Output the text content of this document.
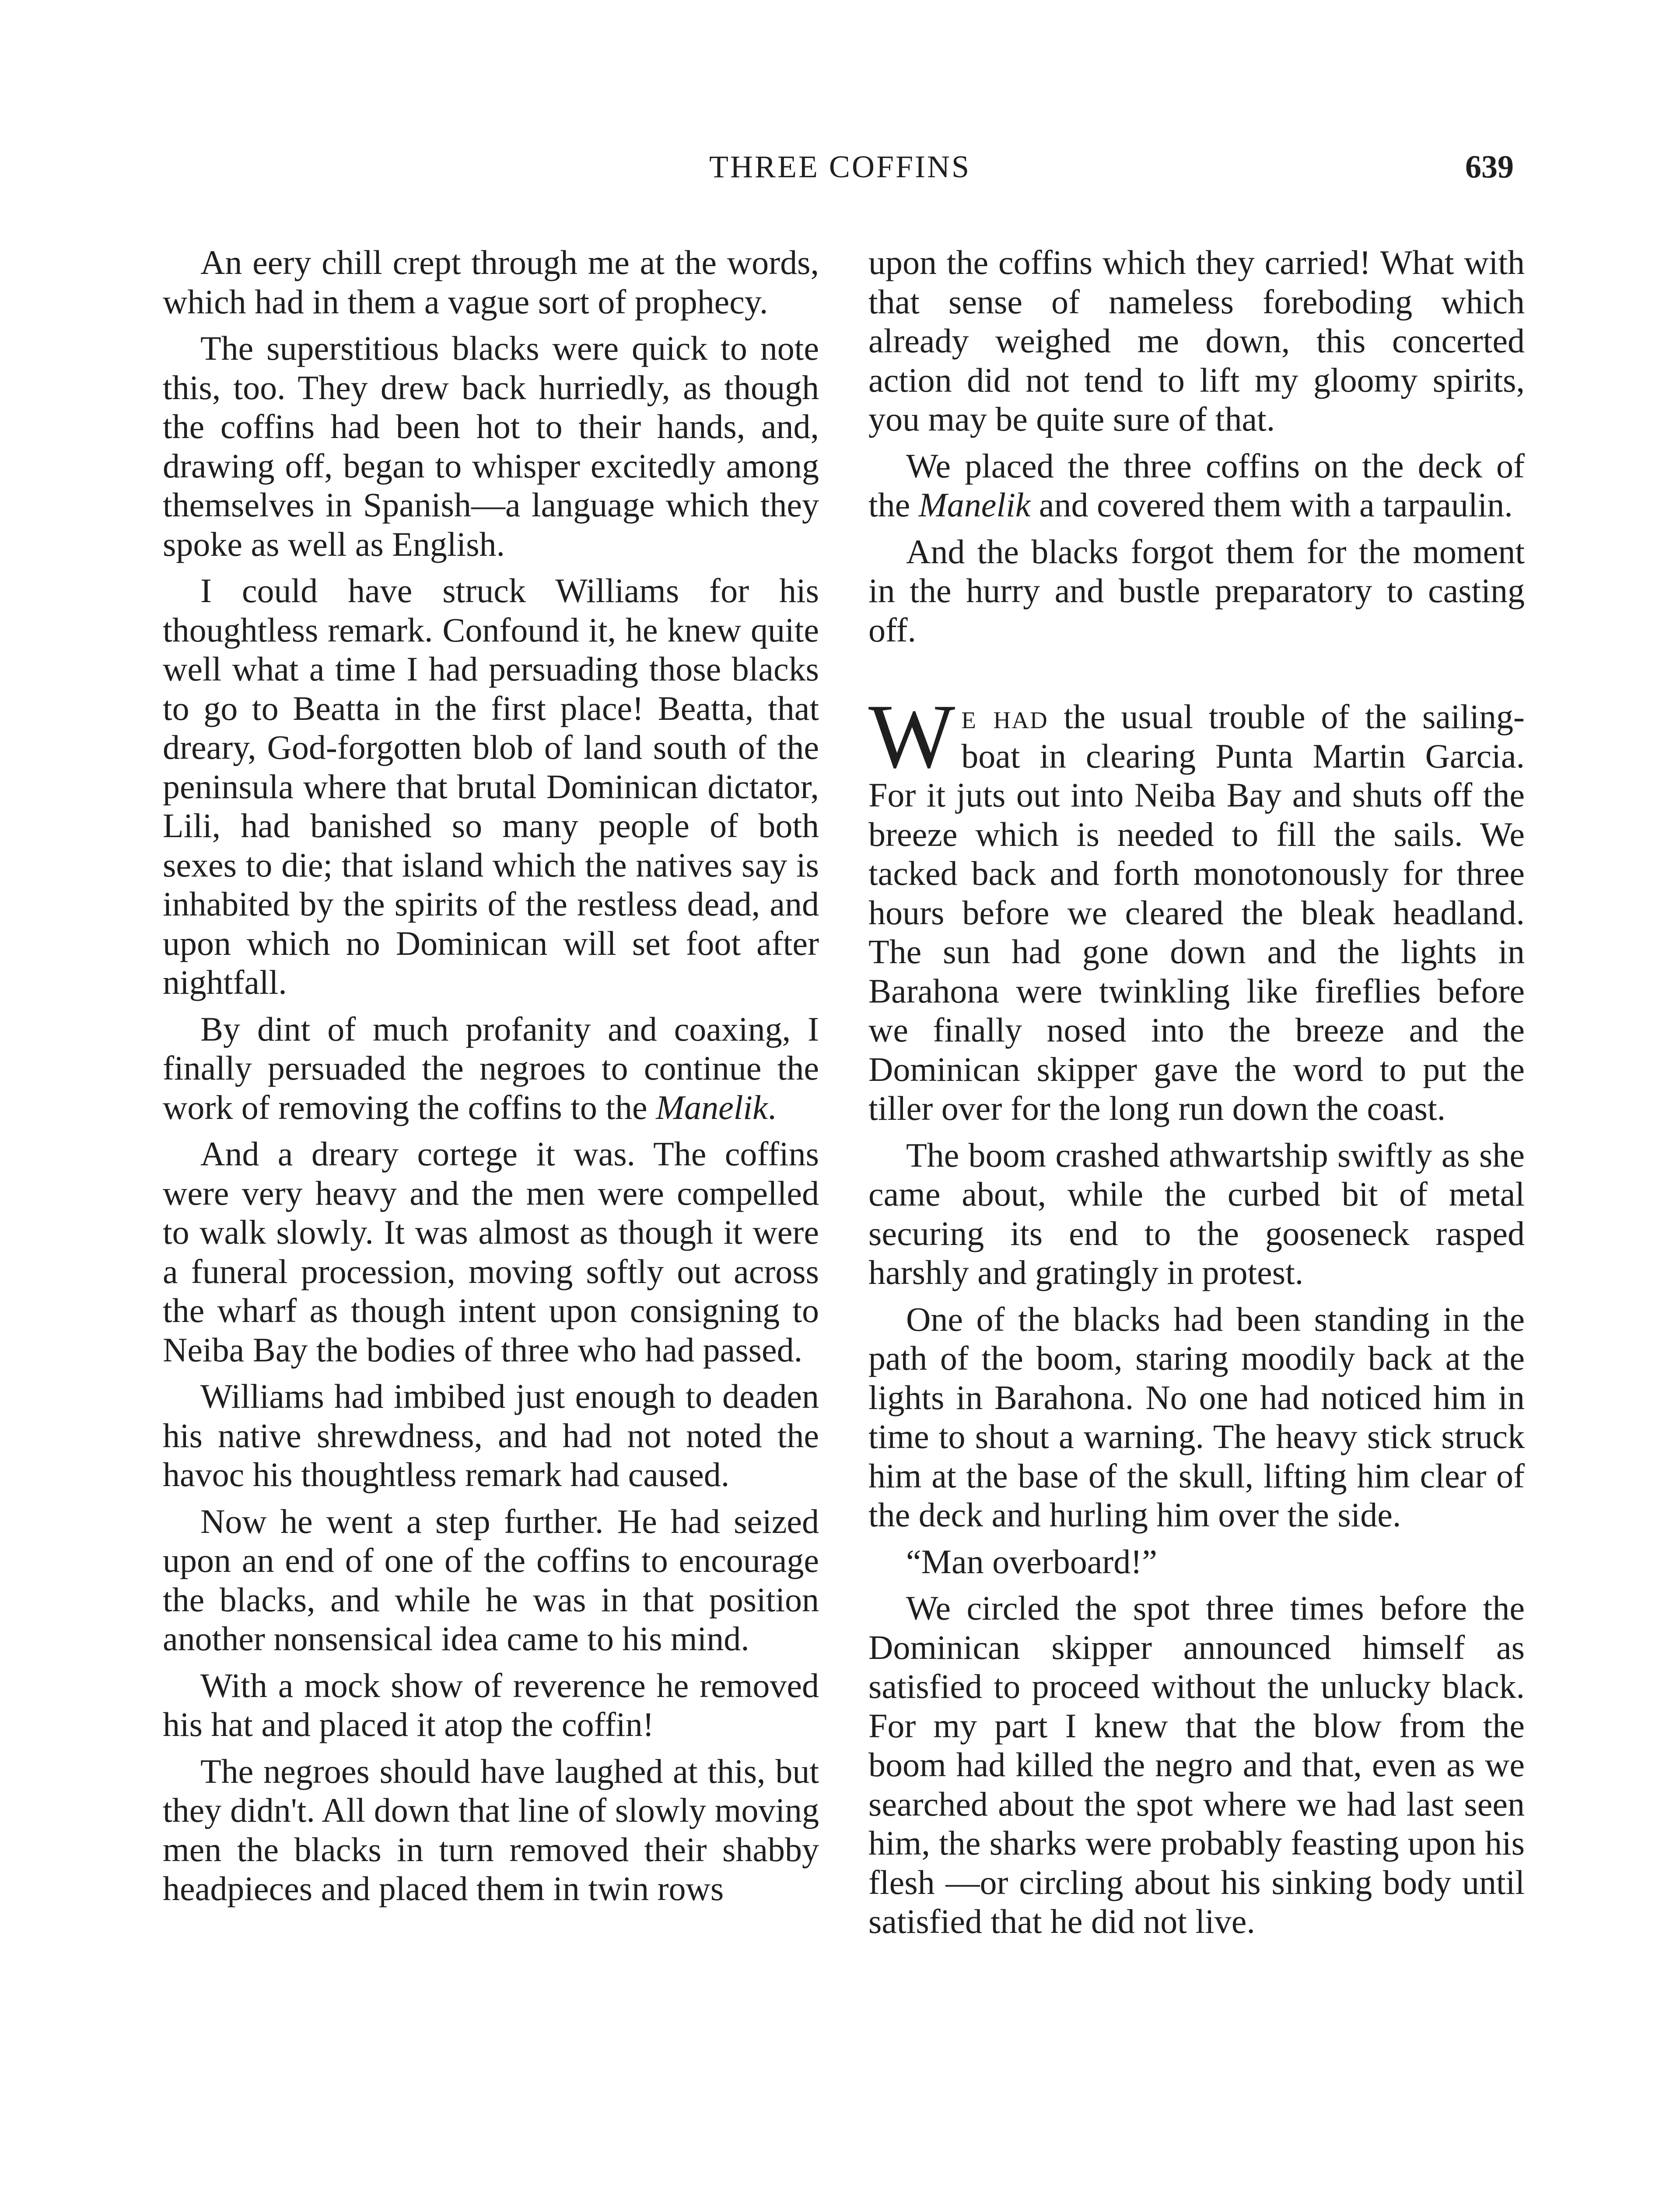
THREE COFFINS	639

An eery chill crept through me at the words, which had in them a vague sort of prophecy.

The superstitious blacks were quick to note this, too. They drew back hurriedly, as though the coffins had been hot to their hands, and, drawing off, began to whisper excitedly among themselves in Spanish—a language which they spoke as well as English.

I could have struck Williams for his thoughtless remark. Confound it, he knew quite well what a time I had persuading those blacks to go to Beatta in the first place! Beatta, that dreary, God-forgotten blob of land south of the peninsula where that brutal Dominican dictator, Lili, had banished so many people of both sexes to die; that island which the natives say is inhabited by the spirits of the restless dead, and upon which no Dominican will set foot after nightfall.

By dint of much profanity and coaxing, I finally persuaded the negroes to continue the work of removing the coffins to the Manelik.

And a dreary cortege it was. The coffins were very heavy and the men were compelled to walk slowly. It was almost as though it were a funeral procession, moving softly out across the wharf as though intent upon consigning to Neiba Bay the bodies of three who had passed.

Williams had imbibed just enough to deaden his native shrewdness, and had not noted the havoc his thoughtless remark had caused.

Now he went a step further. He had seized upon an end of one of the coffins to encourage the blacks, and while he was in that position another nonsensical idea came to his mind.

With a mock show of reverence he removed his hat and placed it atop the coffin!

The negroes should have laughed at this, but they didn't. All down that line of slowly moving men the blacks in turn removed their shabby headpieces and placed them in twin rows

upon the coffins which they carried! What with that sense of nameless foreboding which already weighed me down, this concerted action did not tend to lift my gloomy spirits, you may be quite sure of that.

We placed the three coffins on the deck of the Manelik and covered them with a tarpaulin.

And the blacks forgot them for the moment in the hurry and bustle preparatory to casting off.

We had the usual trouble of the sailing-boat in clearing Punta Martin Garcia. For it juts out into Neiba Bay and shuts off the breeze which is needed to fill the sails. We tacked back and forth monotonously for three hours before we cleared the bleak headland. The sun had gone down and the lights in Barahona were twinkling like fireflies before we finally nosed into the breeze and the Dominican skipper gave the word to put the tiller over for the long run down the coast.

The boom crashed athwartship swiftly as she came about, while the curbed bit of metal securing its end to the gooseneck rasped harshly and gratingly in protest.

One of the blacks had been standing in the path of the boom, staring moodily back at the lights in Barahona. No one had noticed him in time to shout a warning. The heavy stick struck him at the base of the skull, lifting him clear of the deck and hurling him over the side.

“Man overboard!”

We circled the spot three times before the Dominican skipper announced himself as satisfied to proceed without the unlucky black. For my part I knew that the blow from the boom had killed the negro and that, even as we searched about the spot where we had last seen him, the sharks were probably feasting upon his flesh —or circling about his sinking body until satisfied that he did not live.
